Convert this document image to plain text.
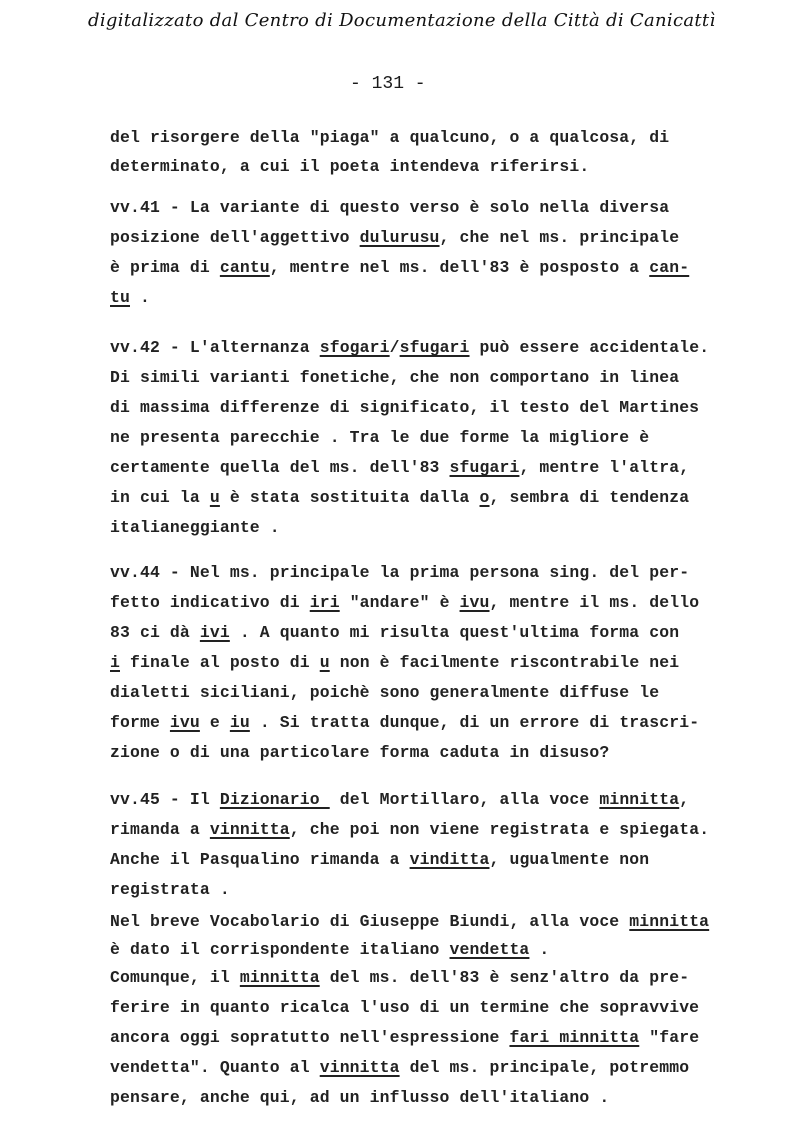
digitalizzato dal Centro di Documentazione della Città di Canicattì
- 131 -
del risorgere della "piaga" a qualcuno, o a qualcosa, di
determinato, a cui il poeta intendeva riferirsi.
vv.41 - La variante di questo verso è solo nella diversa
posizione dell'aggettivo dulurusu, che nel ms. principale
è prima di cantu, mentre nel ms. dell'83 è posposto a can-
tu .
vv.42 - L'alternanza sfogari/sfugari può essere accidentale.
Di simili varianti fonetiche, che non comportano in linea
di massima differenze di significato, il testo del Martines
ne presenta parecchie . Tra le due forme la migliore è
certamente quella del ms. dell'83 sfugari, mentre l'altra,
in cui la u è stata sostituita dalla o, sembra di tendenza
italianeggiante .
vv.44 - Nel ms. principale la prima persona sing. del per-
fetto indicativo di iri "andare" è ivu, mentre il ms. dello
83 ci dà ivi . A quanto mi risulta quest'ultima forma con
i finale al posto di u non è facilmente riscontrabile nei
dialetti siciliani, poichè sono generalmente diffuse le
forme ivu e iu . Si tratta dunque, di un errore di trascri-
zione o di una particolare forma caduta in disuso?
vv.45 - Il Dizionario  del Mortillaro, alla voce minnitta,
rimanda a vinnitta, che poi non viene registrata e spiegata.
Anche il Pasqualino rimanda a vinditta, ugualmente non
registrata .
Nel breve Vocabolario di Giuseppe Biundi, alla voce minnitta
è dato il corrispondente italiano vendetta .
Comunque, il minnitta del ms. dell'83 è senz'altro da pre-
ferire in quanto ricalca l'uso di un termine che sopravvive
ancora oggi sopratutto nell'espressione fari minnitta "fare
vendetta". Quanto al vinnitta del ms. principale, potremmo
pensare, anche qui, ad un influsso dell'italiano .
